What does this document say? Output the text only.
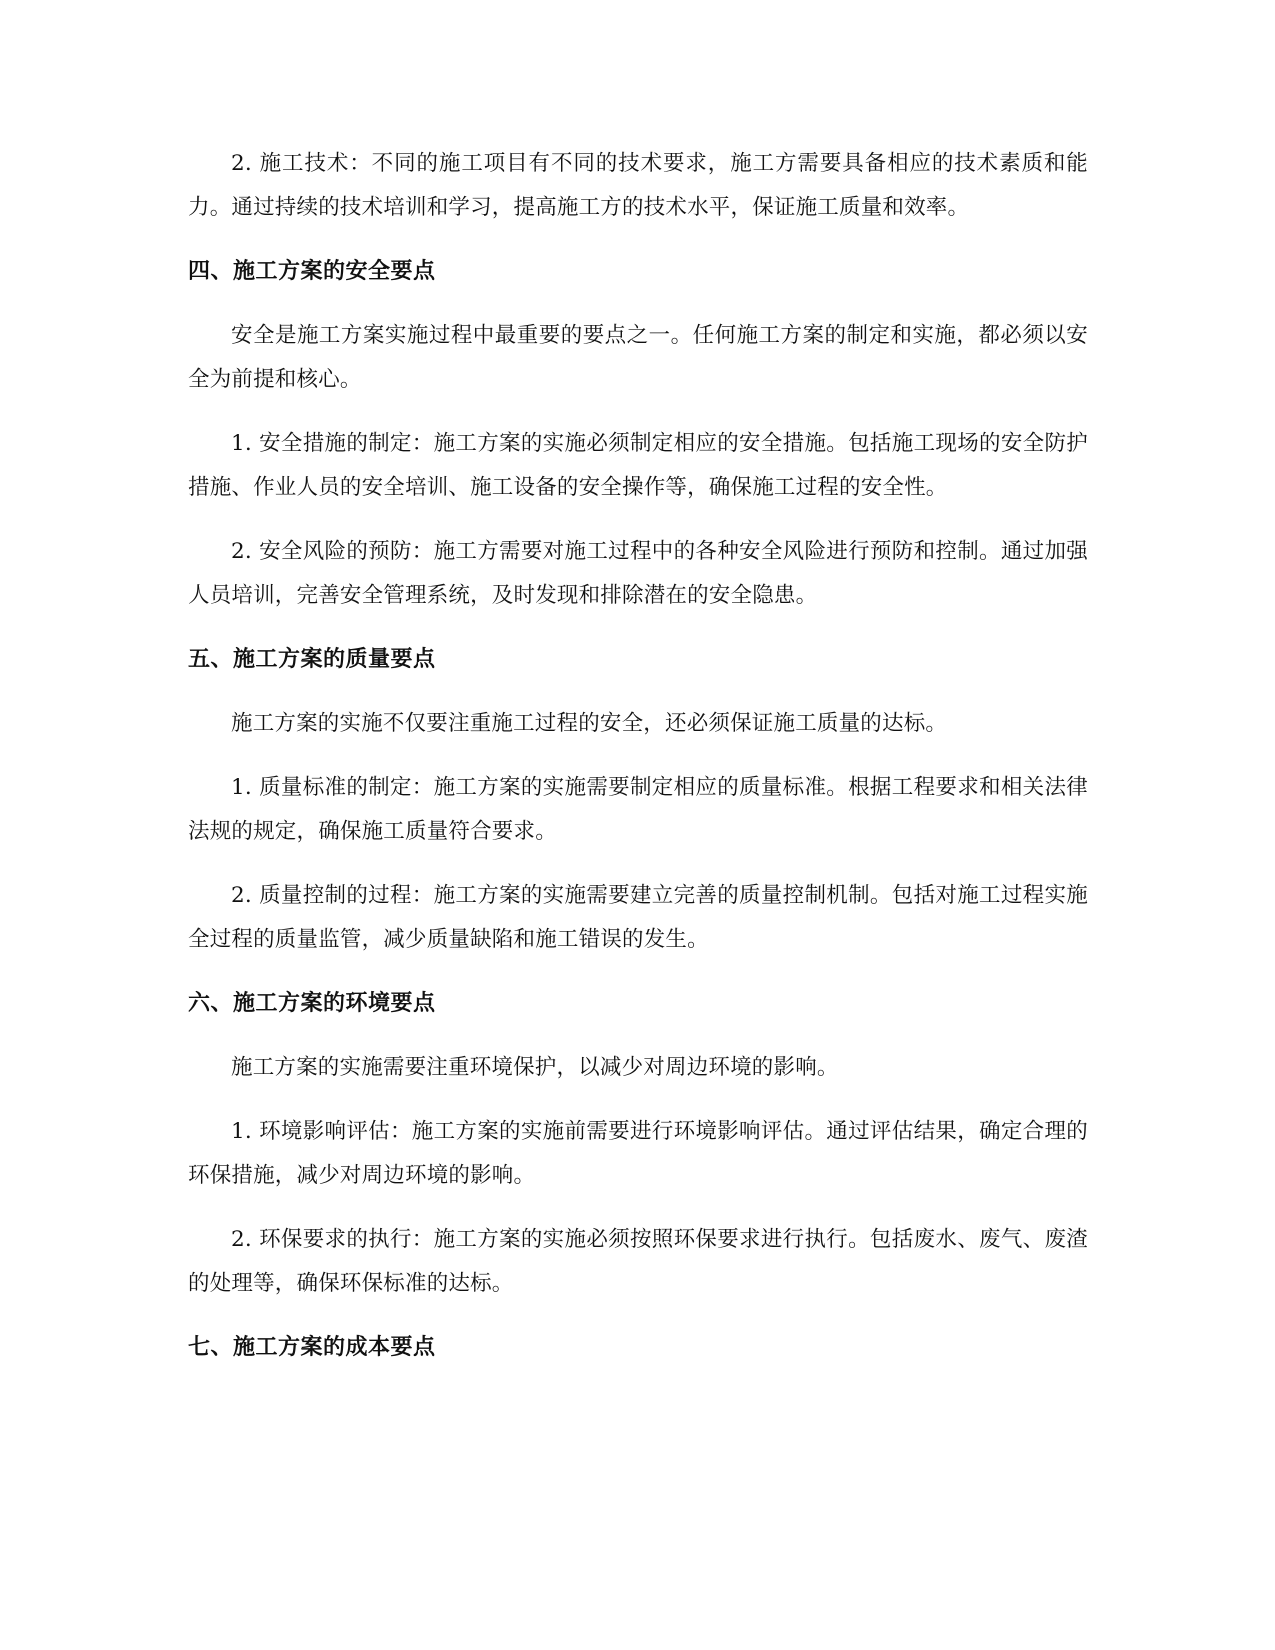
2. 施工技术：不同的施工项目有不同的技术要求，施工方需要具备相应的技术素质和能力。通过持续的技术培训和学习，提高施工方的技术水平，保证施工质量和效率。

四、施工方案的安全要点

安全是施工方案实施过程中最重要的要点之一。任何施工方案的制定和实施，都必须以安全为前提和核心。

1. 安全措施的制定：施工方案的实施必须制定相应的安全措施。包括施工现场的安全防护措施、作业人员的安全培训、施工设备的安全操作等，确保施工过程的安全性。

2. 安全风险的预防：施工方需要对施工过程中的各种安全风险进行预防和控制。通过加强人员培训，完善安全管理系统，及时发现和排除潜在的安全隐患。

五、施工方案的质量要点

施工方案的实施不仅要注重施工过程的安全，还必须保证施工质量的达标。

1. 质量标准的制定：施工方案的实施需要制定相应的质量标准。根据工程要求和相关法律法规的规定，确保施工质量符合要求。

2. 质量控制的过程：施工方案的实施需要建立完善的质量控制机制。包括对施工过程实施全过程的质量监管，减少质量缺陷和施工错误的发生。

六、施工方案的环境要点

施工方案的实施需要注重环境保护，以减少对周边环境的影响。

1. 环境影响评估：施工方案的实施前需要进行环境影响评估。通过评估结果，确定合理的环保措施，减少对周边环境的影响。

2. 环保要求的执行：施工方案的实施必须按照环保要求进行执行。包括废水、废气、废渣的处理等，确保环保标准的达标。

七、施工方案的成本要点
